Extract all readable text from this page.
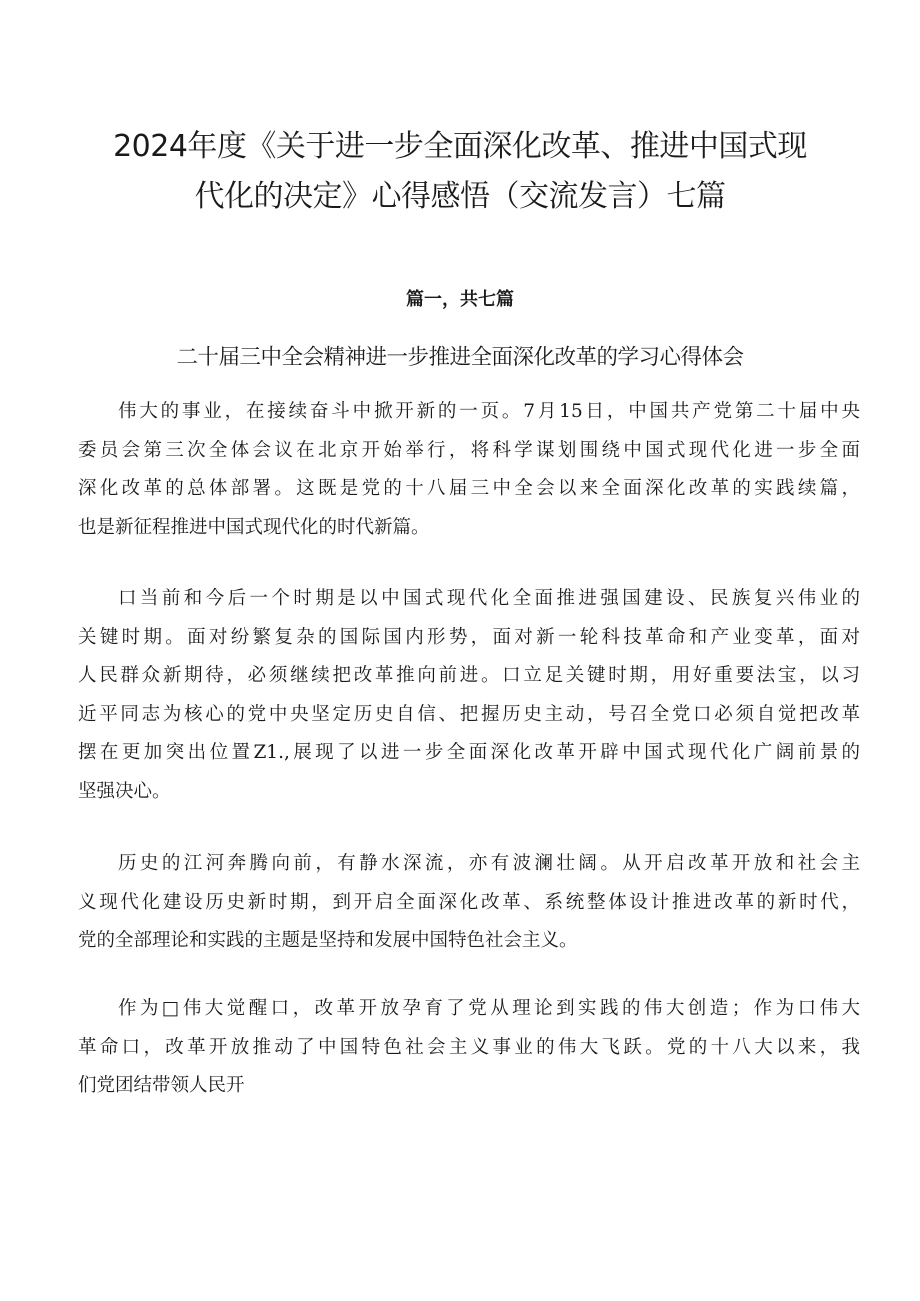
2024年度《关于进一步全面深化改革、推进中国式现
代化的决定》心得感悟（交流发言）七篇
篇一，共七篇
二十届三中全会精神进一步推进全面深化改革的学习心得体会

伟大的事业，在接续奋斗中掀开新的一页。7月15日，中国共产党第二十届中央
委员会第三次全体会议在北京开始举行，将科学谋划围绕中国式现代化进一步全面
深化改革的总体部署。这既是党的十八届三中全会以来全面深化改革的实践续篇，
也是新征程推进中国式现代化的时代新篇。

口当前和今后一个时期是以中国式现代化全面推进强国建设、民族复兴伟业的
关键时期。面对纷繁复杂的国际国内形势，面对新一轮科技革命和产业变革，面对
人民群众新期待，必须继续把改革推向前进。口立足关键时期，用好重要法宝，以习
近平同志为核心的党中央坚定历史自信、把握历史主动，号召全党口必须自觉把改革
摆在更加突出位置Z1.,展现了以进一步全面深化改革开辟中国式现代化广阔前景的
坚强决心。

历史的江河奔腾向前，有静水深流，亦有波澜壮阔。从开启改革开放和社会主
义现代化建设历史新时期，到开启全面深化改革、系统整体设计推进改革的新时代，
党的全部理论和实践的主题是坚持和发展中国特色社会主义。

作为□伟大觉醒口，改革开放孕育了党从理论到实践的伟大创造；作为口伟大
革命口，改革开放推动了中国特色社会主义事业的伟大飞跃。党的十八大以来，我
们党团结带领人民开
